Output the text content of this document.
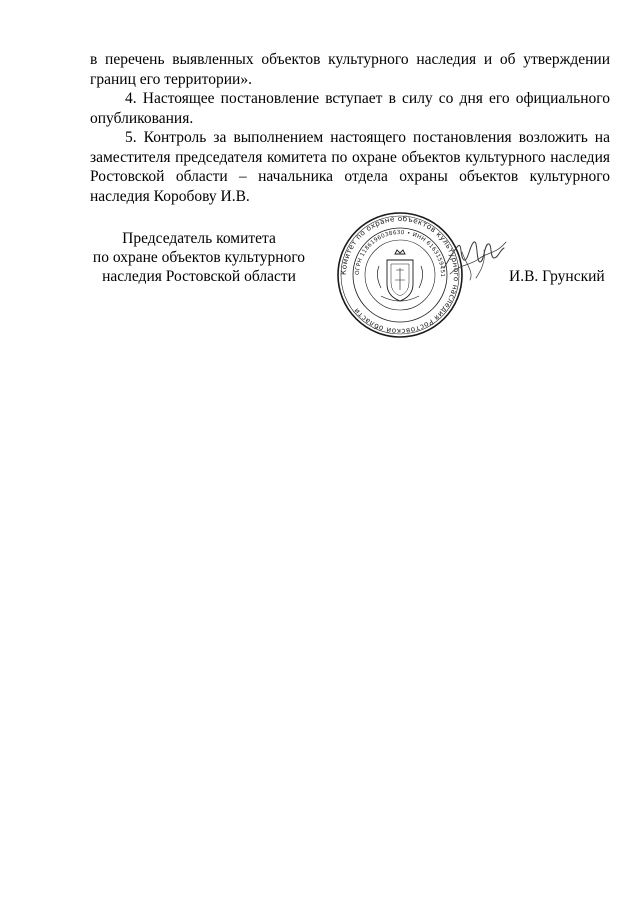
в перечень выявленных объектов культурного наследия и об утверждении границ его территории».

4. Настоящее постановление вступает в силу со дня его официального опубликования.

5. Контроль за выполнением настоящего постановления возложить на заместителя председателя комитета по охране объектов культурного наследия Ростовской области – начальника отдела охраны объектов культурного наследия Коробову И.В.

Председатель комитета
по охране объектов культурного
наследия Ростовской области	Комитет по охране объектов культурного наследия Ростовской области
ОГРН 1186196038630 • ИНН 6163159451	И.В. Грунский
